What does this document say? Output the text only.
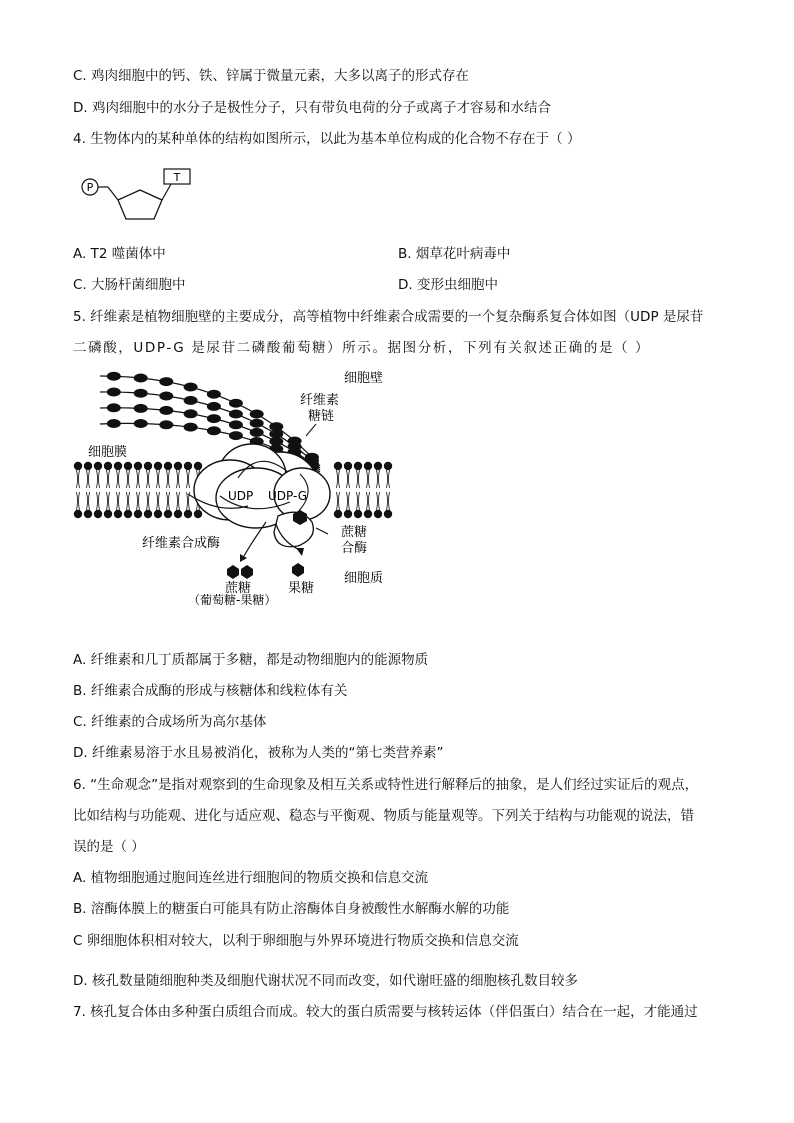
C. 鸡肉细胞中的钙、铁、锌属于微量元素，大多以离子的形式存在
D. 鸡肉细胞中的水分子是极性分子，只有带负电荷的分子或离子才容易和水结合
4. 生物体内的某种单体的结构如图所示，以此为基本单位构成的化合物不存在于（ ）
P
T
A. T2 噬菌体中	B. 烟草花叶病毒中
C. 大肠杆菌细胞中	D. 变形虫细胞中
5. 纤维素是植物细胞壁的主要成分，高等植物中纤维素合成需要的一个复杂酶系复合体如图（UDP 是尿苷
二磷酸，UDP-G 是尿苷二磷酸葡萄糖）所示。据图分析，下列有关叙述正确的是（ ）
UDP UDP-G
细胞壁
纤维素
糖链
细胞膜
蔗糖
合酶
纤维素合成酶
蔗糖
（葡萄糖-果糖）
果糖
细胞质
A. 纤维素和几丁质都属于多糖，都是动物细胞内的能源物质
B. 纤维素合成酶的形成与核糖体和线粒体有关
C. 纤维素的合成场所为高尔基体
D. 纤维素易溶于水且易被消化，被称为人类的“第七类营养素”
6. “生命观念”是指对观察到的生命现象及相互关系或特性进行解释后的抽象，是人们经过实证后的观点，
比如结构与功能观、进化与适应观、稳态与平衡观、物质与能量观等。下列关于结构与功能观的说法，错
误的是（ ）
A. 植物细胞通过胞间连丝进行细胞间的物质交换和信息交流
B. 溶酶体膜上的糖蛋白可能具有防止溶酶体自身被酸性水解酶水解的功能
C 卵细胞体积相对较大，以利于卵细胞与外界环境进行物质交换和信息交流
D. 核孔数量随细胞种类及细胞代谢状况不同而改变，如代谢旺盛的细胞核孔数目较多
7. 核孔复合体由多种蛋白质组合而成。较大的蛋白质需要与核转运体（伴侣蛋白）结合在一起，才能通过
